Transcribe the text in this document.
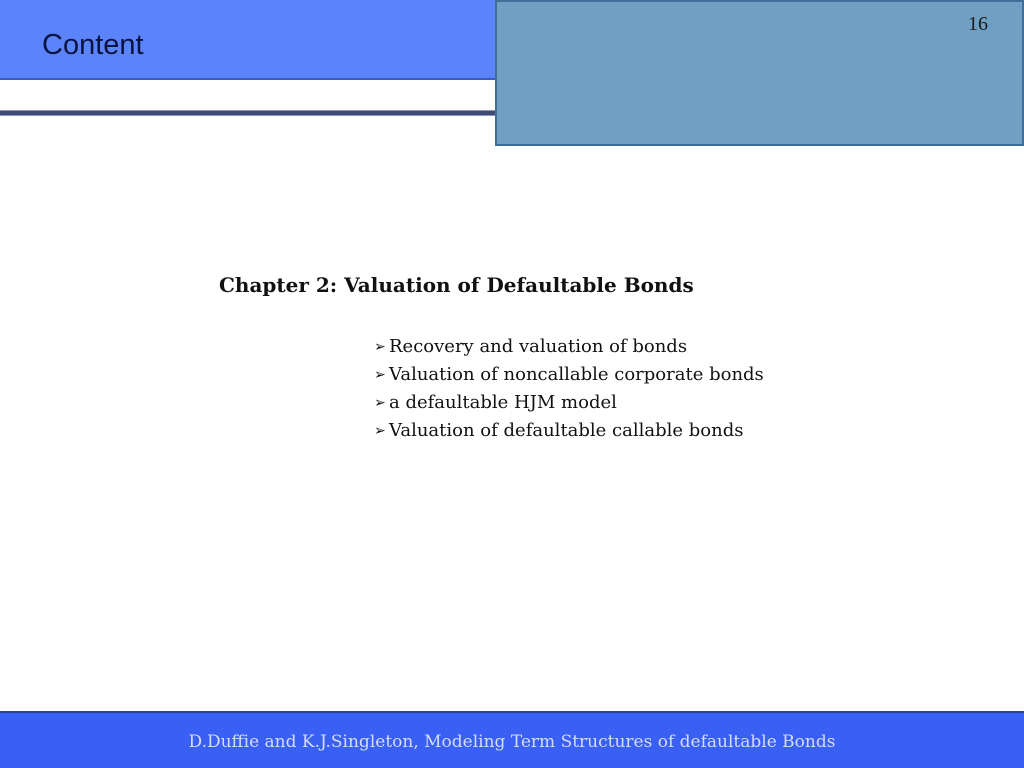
Content
16
Chapter 2: Valuation of Defaultable Bonds
➢ Recovery and valuation of bonds
➢ Valuation of noncallable corporate bonds
➢ a defaultable HJM model
➢ Valuation of defaultable callable bonds
D.Duffie and K.J.Singleton, Modeling Term Structures of defaultable Bonds
